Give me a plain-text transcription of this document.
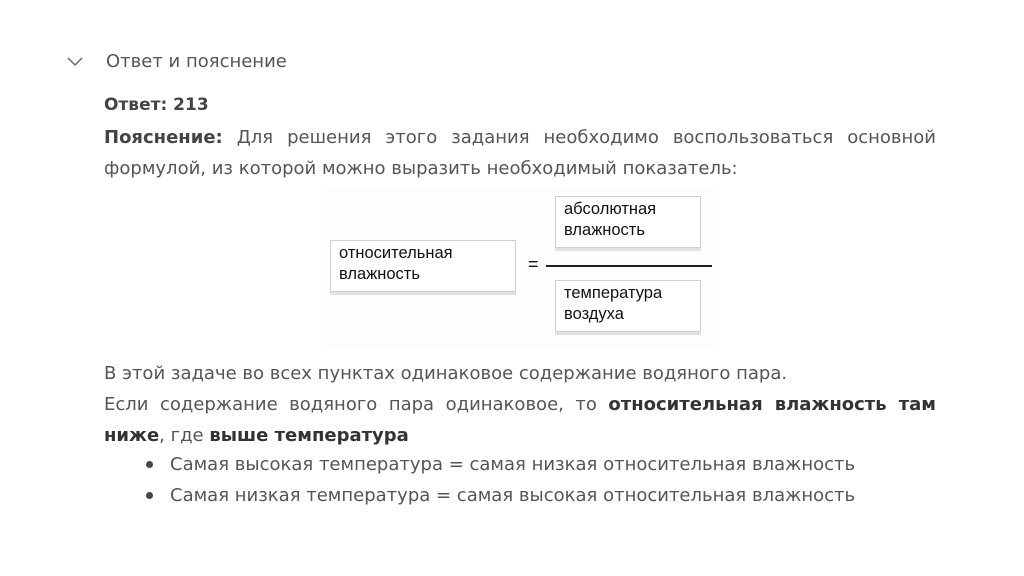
Ответ и пояснение
Ответ: 213
Пояснение: Для решения этого задания необходимо воспользоваться основной формулой, из которой можно выразить необходимый показатель:
относительная
влажность	=
абсолютная
влажность
температура
воздуха
В этой задаче во всех пунктах одинаковое содержание водяного пара.
Если содержание водяного пара одинаковое, то относительная влажность там ниже, где выше температура
Самая высокая температура = самая низкая относительная влажность
Самая низкая температура = самая высокая относительная влажность
